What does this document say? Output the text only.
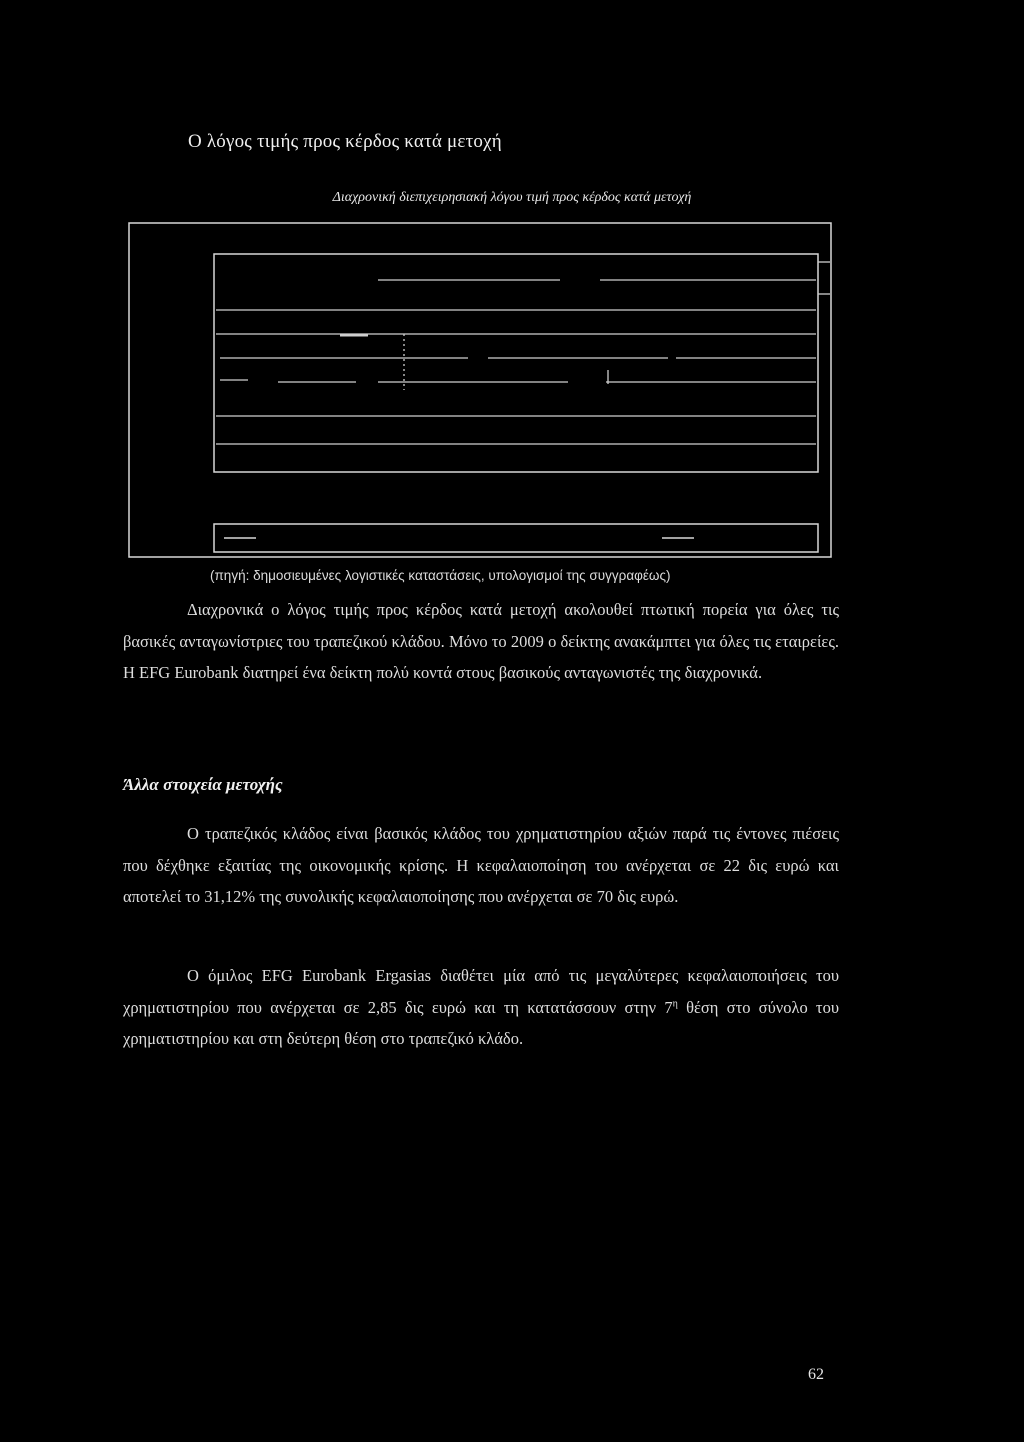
Ο λόγος τιμής προς κέρδος κατά μετοχή
Διαχρονική διεπιχειρησιακή λόγου τιμή προς κέρδος κατά μετοχή
(πηγή: δημοσιευμένες λογιστικές καταστάσεις, υπολογισμοί της συγγραφέως)

Διαχρονικά ο λόγος τιμής προς κέρδος κατά μετοχή ακολουθεί πτωτική πορεία για όλες τις βασικές ανταγωνίστριες του τραπεζικού κλάδου. Μόνο το 2009 ο δείκτης ανακάμπτει για όλες τις εταιρείες. Η EFG Eurobank διατηρεί ένα δείκτη πολύ κοντά στους βασικούς ανταγωνιστές της διαχρονικά.

Άλλα στοιχεία μετοχής

Ο τραπεζικός κλάδος είναι βασικός κλάδος του χρηματιστηρίου αξιών παρά τις έντονες πιέσεις που δέχθηκε εξαιτίας της οικονομικής κρίσης. Η κεφαλαιοποίηση του ανέρχεται σε 22 δις ευρώ και αποτελεί το 31,12% της συνολικής κεφαλαιοποίησης που ανέρχεται σε 70 δις ευρώ.

Ο όμιλος EFG Eurobank Ergasias διαθέτει μία από τις μεγαλύτερες κεφαλαιοποιήσεις του χρηματιστηρίου που ανέρχεται σε 2,85 δις ευρώ και τη κατατάσσουν στην $7^\eta$ θέση στο σύνολο του χρηματιστηρίου και στη δεύτερη θέση στο τραπεζικό κλάδο.

62
